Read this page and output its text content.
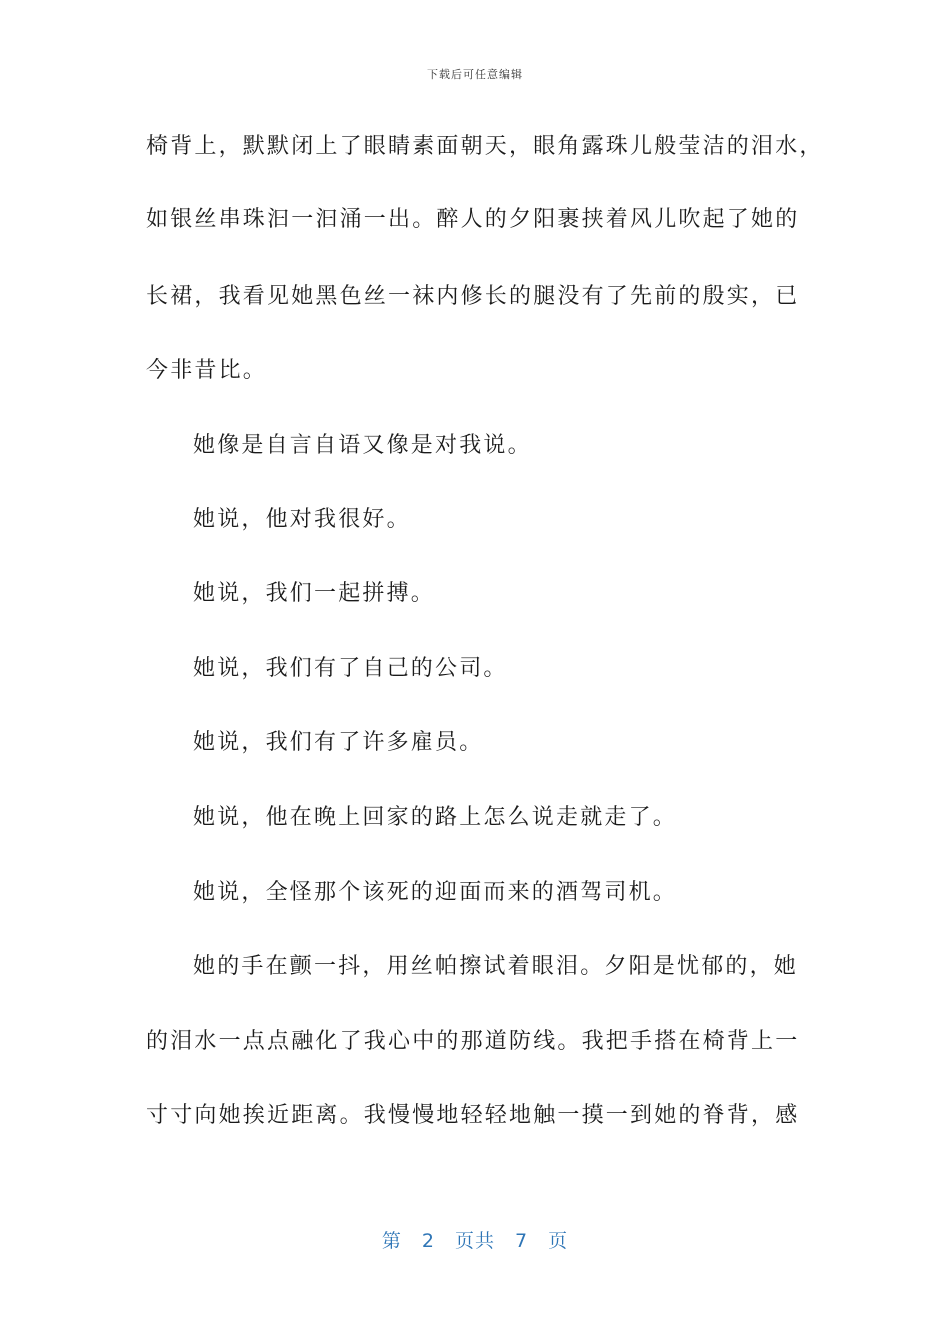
下载后可任意编辑
椅背上，默默闭上了眼睛素面朝天，眼角露珠儿般莹洁的泪水，
如银丝串珠汩一汩涌一出。醉人的夕阳裹挟着风儿吹起了她的
长裙，我看见她黑色丝一袜内修长的腿没有了先前的殷实，已
今非昔比。
她像是自言自语又像是对我说。
她说，他对我很好。
她说，我们一起拼搏。
她说，我们有了自己的公司。
她说，我们有了许多雇员。
她说，他在晚上回家的路上怎么说走就走了。
她说，全怪那个该死的迎面而来的酒驾司机。
她的手在颤一抖，用丝帕擦试着眼泪。夕阳是忧郁的，她
的泪水一点点融化了我心中的那道防线。我把手搭在椅背上一
寸寸向她挨近距离。我慢慢地轻轻地触一摸一到她的脊背，感
第 2 页共 7 页
